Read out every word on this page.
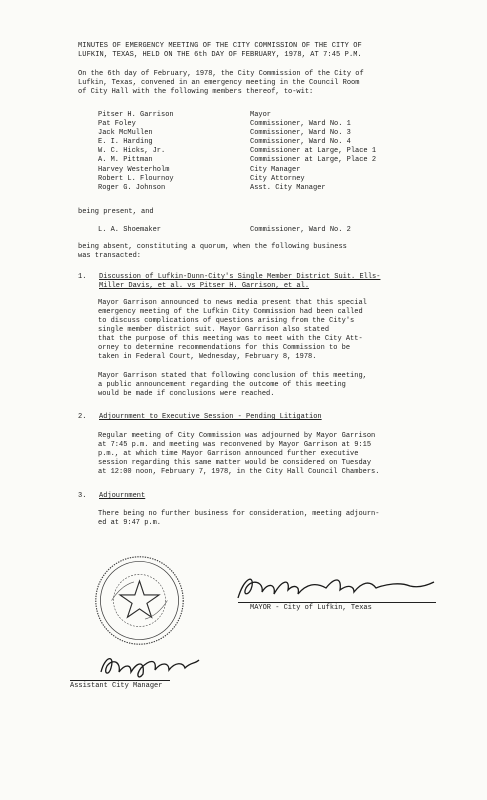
MINUTES OF EMERGENCY MEETING OF THE CITY COMMISSION OF THE CITY OF
LUFKIN, TEXAS, HELD ON THE 6th DAY OF FEBRUARY, 1978, AT 7:45 P.M.
On the 6th day of February, 1978, the City Commission of the City of
Lufkin, Texas, convened in an emergency meeting in the Council Room
of City Hall with the following members thereof, to-wit:
Pitser H. Garrison	Mayor
Pat Foley	Commissioner, Ward No. 1
Jack McMullen	Commissioner, Ward No. 3
E. I. Harding	Commissioner, Ward No. 4
W. C. Hicks, Jr.	Commissioner at Large, Place 1
A. M. Pittman	Commissioner at Large, Place 2
Harvey Westerholm	City Manager
Robert L. Flournoy	City Attorney
Roger G. Johnson	Asst. City Manager
being present, and
L. A. Shoemaker	Commissioner, Ward No. 2
being absent, constituting a quorum, when the following business
was transacted:
1. Discussion of Lufkin-Dunn-City's Single Member District Suit. Ells-
Miller Davis, et al. vs Pitser H. Garrison, et al.
Mayor Garrison announced to news media present that this special
emergency meeting of the Lufkin City Commission had been called
to discuss complications of questions arising from the City's
single member district suit. Mayor Garrison also stated
that the purpose of this meeting was to meet with the City Att-
orney to determine recommendations for this Commission to be
taken in Federal Court, Wednesday, February 8, 1978.
Mayor Garrison stated that following conclusion of this meeting,
a public announcement regarding the outcome of this meeting
would be made if conclusions were reached.
2. Adjournment to Executive Session - Pending Litigation
Regular meeting of City Commission was adjourned by Mayor Garrison
at 7:45 p.m. and meeting was reconvened by Mayor Garrison at 9:15
p.m., at which time Mayor Garrison announced further executive
session regarding this same matter would be considered on Tuesday
at 12:00 noon, February 7, 1978, in the City Hall Council Chambers.
3. Adjournment
There being no further business for consideration, meeting adjourn-
ed at 9:47 p.m.
MAYOR - City of Lufkin, Texas
Assistant City Manager
